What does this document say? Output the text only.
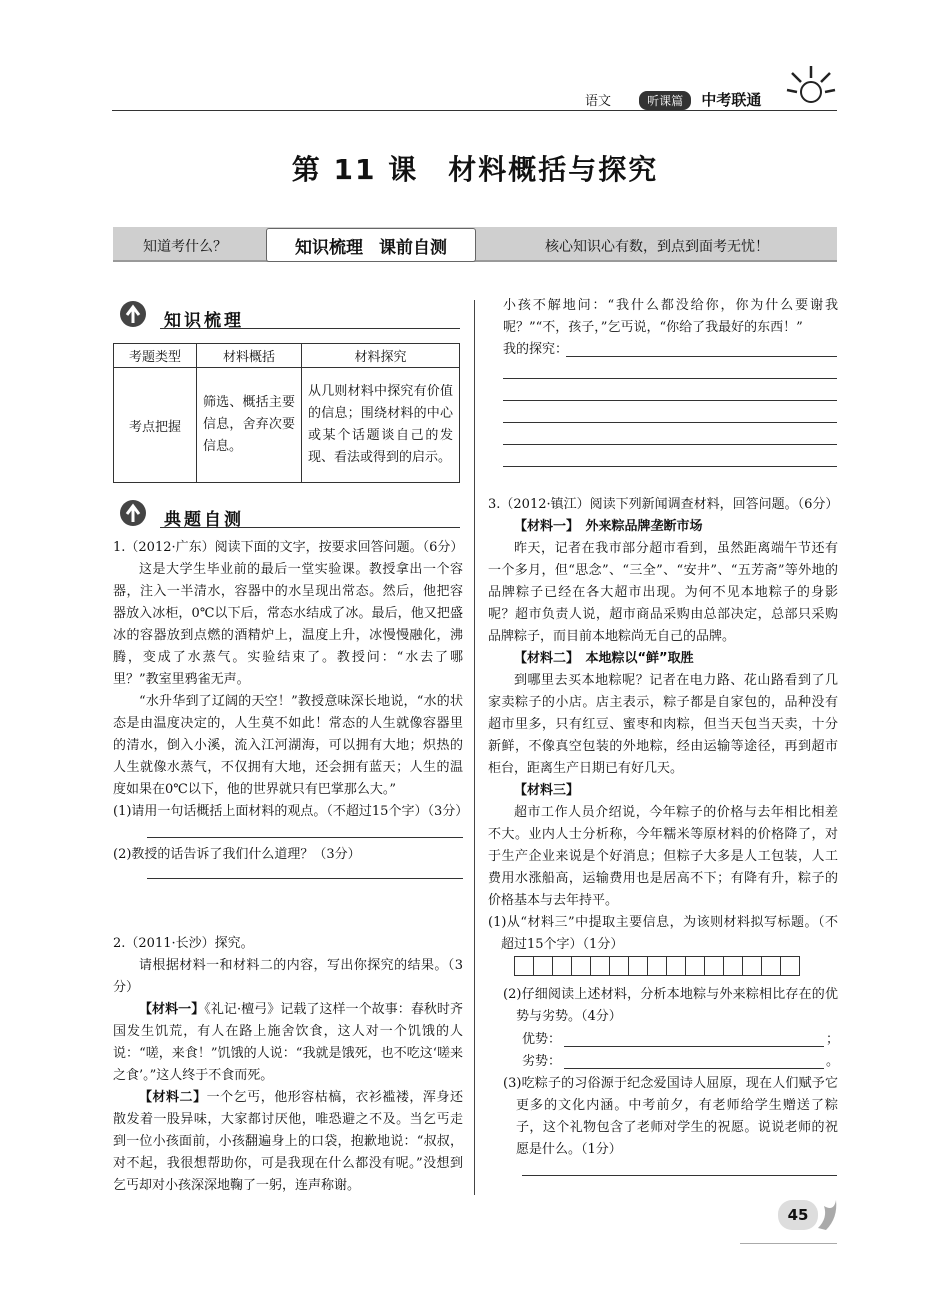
语文	听课篇 中考联通
第 11 课　材料概括与探究
知道考什么？	知识梳理 课前自测	核心知识心有数，到点到面考无忧！
知识梳理
考题类型	材料概括	材料探究
考点把握	筛选、概括主要信息，舍弃次要信息。	从几则材料中探究有价值的信息；围绕材料的中心或某个话题谈自己的发现、看法或得到的启示。
典题自测

1.（2012·广东）阅读下面的文字，按要求回答问题。（6分）

这是大学生毕业前的最后一堂实验课。教授拿出一个容器，注入一半清水，容器中的水呈现出常态。然后，他把容器放入冰柜，0℃以下后，常态水结成了冰。最后，他又把盛冰的容器放到点燃的酒精炉上，温度上升，冰慢慢融化，沸腾，变成了水蒸气。实验结束了。教授问：“水去了哪里？”教室里鸦雀无声。

“水升华到了辽阔的天空！”教授意味深长地说，“水的状态是由温度决定的，人生莫不如此！常态的人生就像容器里的清水，倒入小溪，流入江河湖海，可以拥有大地；炽热的人生就像水蒸气，不仅拥有大地，还会拥有蓝天；人生的温度如果在0℃以下，他的世界就只有巴掌那么大。”

(1)请用一句话概括上面材料的观点。（不超过15个字）（3分）

(2)教授的话告诉了我们什么道理？（3分）

2.（2011·长沙）探究。

请根据材料一和材料二的内容，写出你探究的结果。（3分）

【材料一】《礼记·檀弓》记载了这样一个故事：春秋时齐国发生饥荒，有人在路上施舍饮食，这人对一个饥饿的人说：“嗟，来食！”饥饿的人说：“我就是饿死，也不吃这‘嗟来之食’。”这人终于不食而死。

【材料二】一个乞丐，他形容枯槁，衣衫褴褛，浑身还散发着一股异味，大家都讨厌他，唯恐避之不及。当乞丐走到一位小孩面前，小孩翻遍身上的口袋，抱歉地说：“叔叔，对不起，我很想帮助你，可是我现在什么都没有呢。”没想到乞丐却对小孩深深地鞠了一躬，连声称谢。

小孩不解地问：“我什么都没给你，你为什么要谢我呢？”“不，孩子，”乞丐说，“你给了我最好的东西！”

我的探究：

3.（2012·镇江）阅读下列新闻调查材料，回答问题。（6分）

【材料一】　外来粽品牌垄断市场

昨天，记者在我市部分超市看到，虽然距离端午节还有一个多月，但“思念”、“三全”、“安井”、“五芳斋”等外地的品牌粽子已经在各大超市出现。为何不见本地粽子的身影呢？超市负责人说，超市商品采购由总部决定，总部只采购品牌粽子，而目前本地粽尚无自己的品牌。

【材料二】　本地粽以“鲜”取胜

到哪里去买本地粽呢？记者在电力路、花山路看到了几家卖粽子的小店。店主表示，粽子都是自家包的，品种没有超市里多，只有红豆、蜜枣和肉粽，但当天包当天卖，十分新鲜，不像真空包装的外地粽，经由运输等途径，再到超市柜台，距离生产日期已有好几天。

【材料三】

超市工作人员介绍说，今年粽子的价格与去年相比相差不大。业内人士分析称，今年糯米等原材料的价格降了，对于生产企业来说是个好消息；但粽子大多是人工包装，人工费用水涨船高，运输费用也是居高不下；有降有升，粽子的价格基本与去年持平。

(1)从“材料三”中提取主要信息，为该则材料拟写标题。（不超过15个字）（1分）

(2)仔细阅读上述材料，分析本地粽与外来粽相比存在的优势与劣势。（4分）
优势：	；
劣势：	。
(3)吃粽子的习俗源于纪念爱国诗人屈原，现在人们赋予它更多的文化内涵。中考前夕，有老师给学生赠送了粽子，这个礼物包含了老师对学生的祝愿。说说老师的祝愿是什么。（1分）
45
